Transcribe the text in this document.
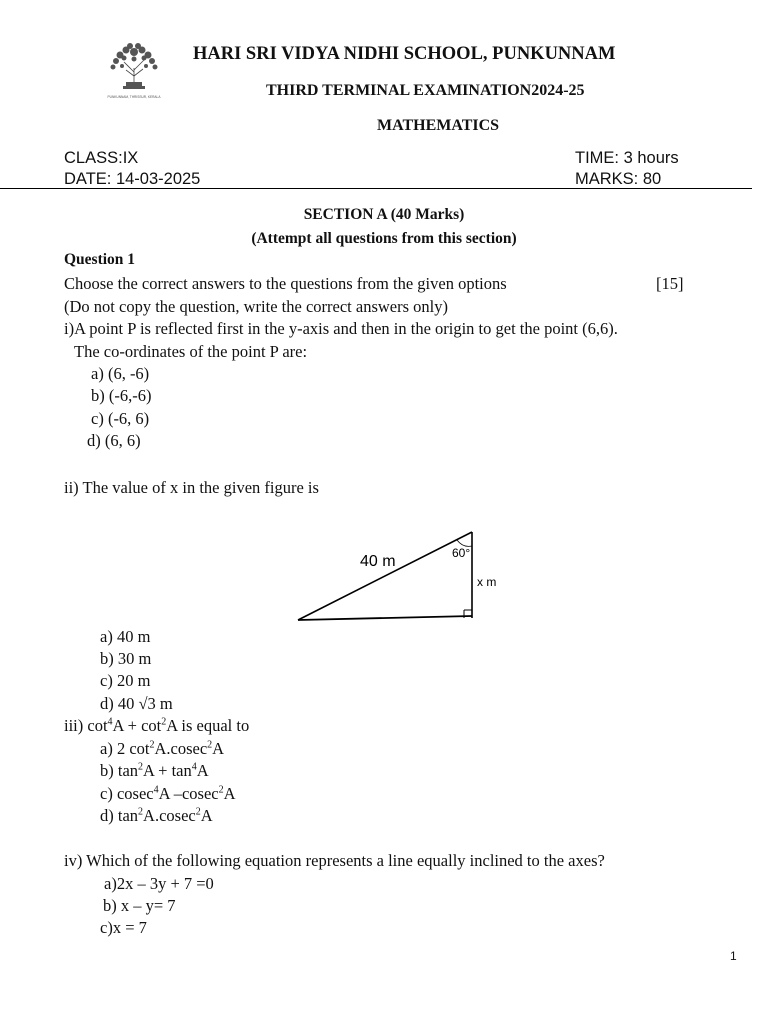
PUNKUNNAM, THRISSUR, KERALA
HARI SRI VIDYA NIDHI SCHOOL, PUNKUNNAM
THIRD TERMINAL EXAMINATION2024-25
MATHEMATICS
CLASS:IX	TIME: 3 hours
DATE: 14-03-2025	MARKS: 80
SECTION A (40 Marks)
(Attempt all questions from this section)
Question 1
Choose the correct answers to the questions from the given options	[15]
(Do not copy the question, write the correct answers only)
i)A point P is reflected first in the y-axis and then in the origin to get the point (6,6).
The co-ordinates of the point P are:
a) (6, -6)
b) (-6,-6)
c) (-6, 6)
d) (6, 6)
ii) The value of x in the given figure is
40 m	60°
x m
a) 40 m
b) 30 m
c) 20 m
d) 40 √3 m
iii) $\cot^4A + \cot^2A$ is equal to
a) 2 $\cot^2A.cosec^2A$
b) $\tan^2A + \tan^4A$
c) cosec$^4$A –cosec$^2$A
d) $\tan^2A.cosec^2A$
iv) Which of the following equation represents a line equally inclined to the axes?
a)2x – 3y + 7 =0
b) x – y= 7
c)x = 7
1
